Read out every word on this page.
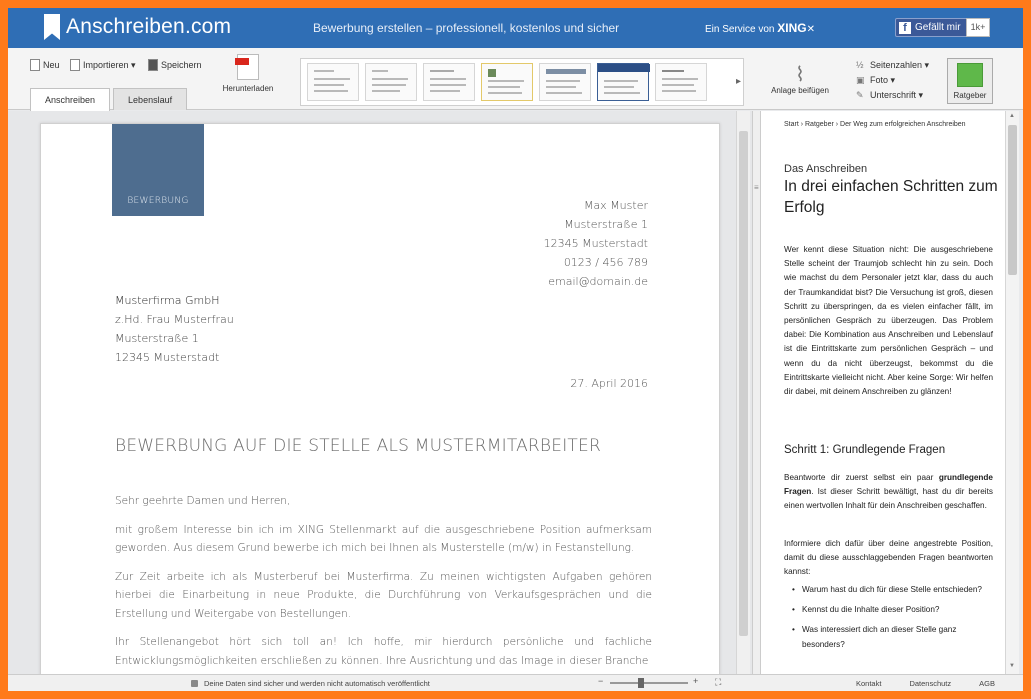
Anschreiben.com	Bewerbung erstellen – professionell, kostenlos und sicher	Ein Service von XING✕	f Gefällt mir	1k+
Neu	Importieren ▾	Speichern
Herunterladen
Anschreiben	Lebenslauf
▸	⌇
Anlage beifügen
½ Seitenzahlen ▾
▣ Foto ▾
✎ Unterschrift ▾	Ratgeber
BEWERBUNG	Max Muster
Musterstraße 1
12345 Musterstadt
0123 / 456 789
email@domain.de
Musterfirma GmbH
z.Hd. Frau Musterfrau
Musterstraße 1
12345 Musterstadt
27. April 2016
BEWERBUNG AUF DIE STELLE ALS MUSTERMITARBEITER

Sehr geehrte Damen und Herren,

mit großem Interesse bin ich im XING Stellenmarkt auf die ausgeschriebene Position aufmerksam geworden. Aus diesem Grund bewerbe ich mich bei Ihnen als Musterstelle (m/w) in Festanstellung.

Zur Zeit arbeite ich als Musterberuf bei Musterfirma. Zu meinen wichtigsten Aufgaben gehören hierbei die Einarbeitung in neue Produkte, die Durchführung von Verkaufsgesprächen und die Erstellung und Weitergabe von Bestellungen.

Ihr Stellenangebot hört sich toll an! Ich hoffe, mir hierdurch persönliche und fachliche Entwicklungsmöglichkeiten erschließen zu können. Ihre Ausrichtung und das Image in dieser Branche

≡
Start › Ratgeber › Der Weg zum erfolgreichen Anschreiben
Das Anschreiben
In drei einfachen Schritten zum Erfolg
Wer kennt diese Situation nicht: Die ausgeschriebene Stelle scheint der Traumjob schlecht hin zu sein. Doch wie machst du dem Personaler jetzt klar, dass du auch der Traumkandidat bist? Die Versuchung ist groß, diesen Schritt zu überspringen, da es vielen einfacher fällt, im persönlichen Gespräch zu überzeugen. Das Problem dabei: Die Kombination aus Anschreiben und Lebenslauf ist die Eintrittskarte zum persönlichen Gespräch – und wenn du da nicht überzeugst, bekommst du die Eintrittskarte vielleicht nicht. Aber keine Sorge: Wir helfen dir dabei, mit deinem Anschreiben zu glänzen!
Schritt 1: Grundlegende Fragen
Beantworte dir zuerst selbst ein paar grundlegende Fragen. Ist dieser Schritt bewältigt, hast du dir bereits einen wertvollen Inhalt für dein Anschreiben geschaffen.
Informiere dich dafür über deine angestrebte Position, damit du diese ausschlaggebenden Fragen beantworten kannst:
• Warum hast du dich für diese Stelle entschieden?
• Kennst du die Inhalte dieser Position?
• Was interessiert dich an dieser Stelle ganz besonders?
▲
▼
Deine Daten sind sicher und werden nicht automatisch veröffentlicht	−	+ ⛶	Kontakt	Datenschutz	AGB
